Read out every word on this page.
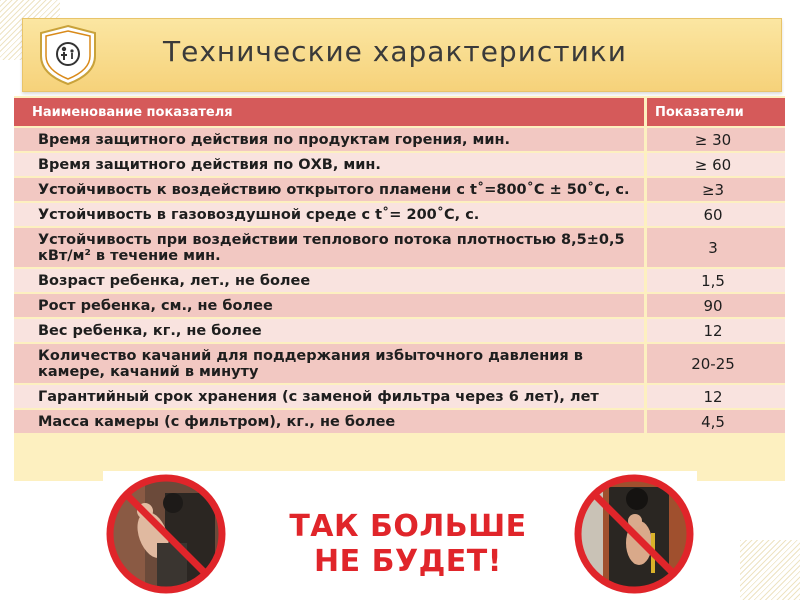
Технические характеристики
Наименование показателя	Показатели
Время защитного действия по продуктам горения, мин.	≥ 30
Время защитного действия по ОХВ, мин.	≥ 60
Устойчивость к воздействию открытого пламени с t˚=800˚С ± 50˚С, с.	≥3
Устойчивость в газовоздушной среде с t˚= 200˚С, с.	60
Устойчивость при воздействии теплового потока плотностью 8,5±0,5 кВт/м² в течение мин.	3
Возраст ребенка, лет., не более	1,5
Рост ребенка, см., не более	90
Вес ребенка, кг., не более	12
Количество качаний для поддержания избыточного давления в камере, качаний в минуту	20-25
Гарантийный срок хранения (с заменой фильтра через 6 лет), лет	12
Масса камеры (с фильтром), кг., не более	4,5
ТАК БОЛЬШЕ
НЕ БУДЕТ!
